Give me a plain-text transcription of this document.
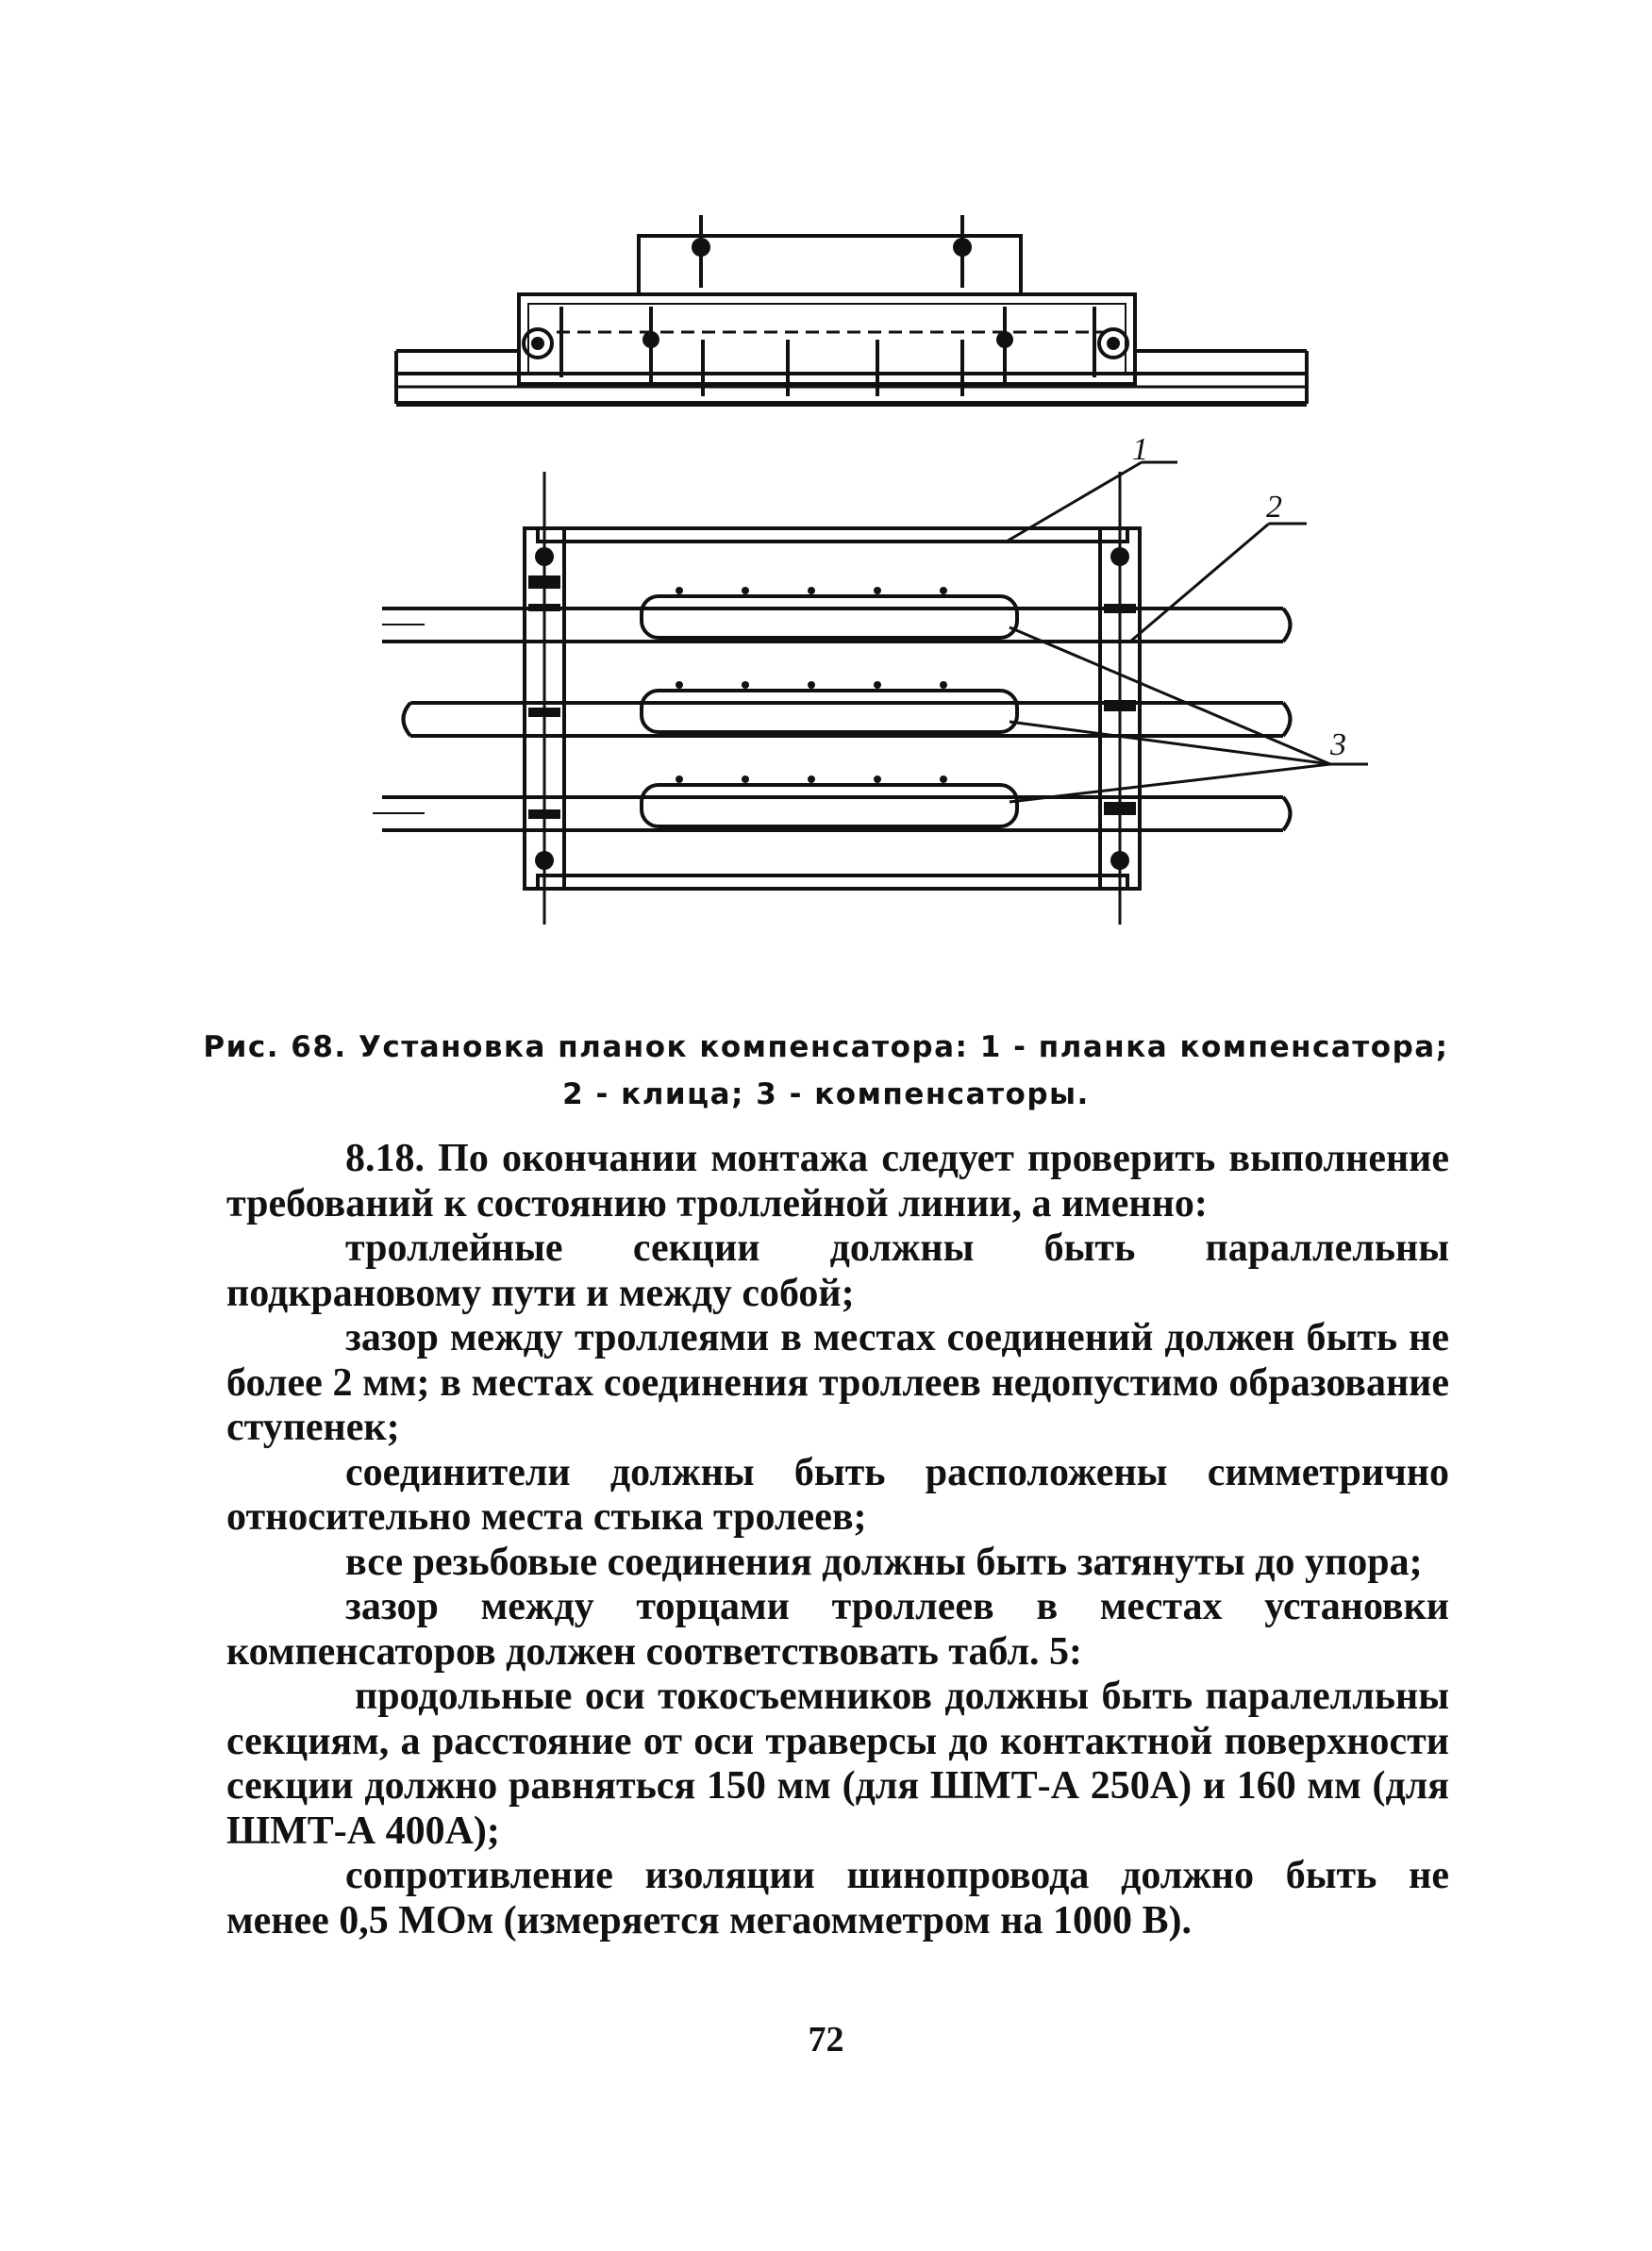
1
2
3
Рис. 68. Установка планок компенсатора: 1 - планка компенсатора;
2 - клица; 3 - компенсаторы.

8.18. По окончании монтажа следует проверить выполнение требований к состоянию троллейной линии, а именно:

троллейные секции должны быть параллельны подкрановому пути и между собой;

зазор между троллеями в местах соединений должен быть не более 2 мм; в местах соединения троллеев недопустимо образование ступенек;

соединители должны быть расположены симметрично относительно места стыка тролеев;

все резьбовые соединения должны быть затянуты до упора;

зазор между торцами троллеев в местах установки компенсаторов должен соответствовать табл. 5:

продольные оси токосъемников должны быть паралелльны секциям, а расстояние от оси траверсы до контактной поверхности секции должно равняться 150 мм (для ШМТ-А 250А) и 160 мм (для ШМТ-А 400А);

сопротивление изоляции шинопровода должно быть не менее 0,5 МОм (измеряется мегаомметром на 1000 В).

72
